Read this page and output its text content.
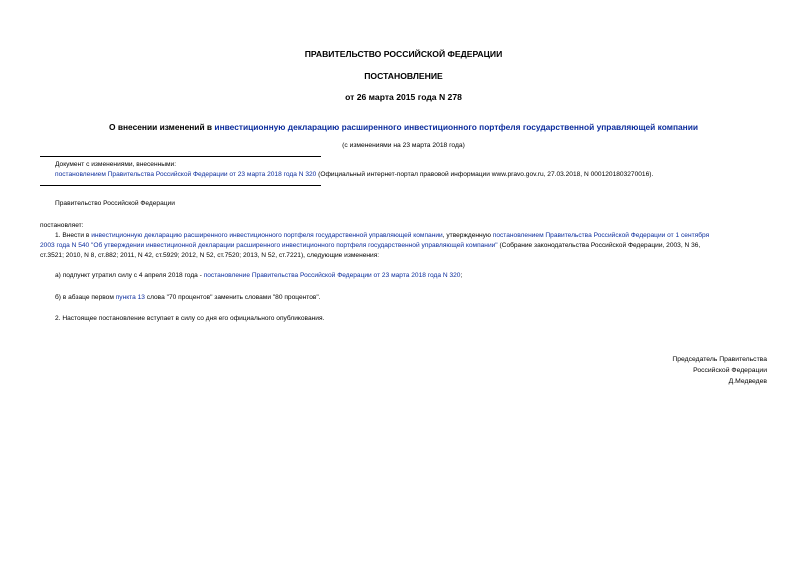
ПРАВИТЕЛЬСТВО РОССИЙСКОЙ ФЕДЕРАЦИИ
ПОСТАНОВЛЕНИЕ
от 26 марта 2015 года N 278
О внесении изменений в инвестиционную декларацию расширенного инвестиционного портфеля государственной управляющей компании
(с изменениями на 23 марта 2018 года)
Документ с изменениями, внесенными:
постановлением Правительства Российской Федерации от 23 марта 2018 года N 320 (Официальный интернет-портал правовой информации www.pravo.gov.ru, 27.03.2018, N 0001201803270016).
Правительство Российской Федерации
постановляет:
1. Внести в инвестиционную декларацию расширенного инвестиционного портфеля государственной управляющей компании, утвержденную постановлением Правительства Российской Федерации от 1 сентября
2003 года N 540 "Об утверждении инвестиционной декларации расширенного инвестиционного портфеля государственной управляющей компании" (Собрание законодательства Российской Федерации, 2003, N 36,
ст.3521; 2010, N 8, ст.882; 2011, N 42, ст.5929; 2012, N 52, ст.7520; 2013, N 52, ст.7221), следующие изменения:
а) подпункт утратил силу с 4 апреля 2018 года - постановление Правительства Российской Федерации от 23 марта 2018 года N 320;
б) в абзаце первом пункта 13 слова "70 процентов" заменить словами "80 процентов".
2. Настоящее постановление вступает в силу со дня его официального опубликования.
Председатель Правительства
Российской Федерации
Д.Медведев
